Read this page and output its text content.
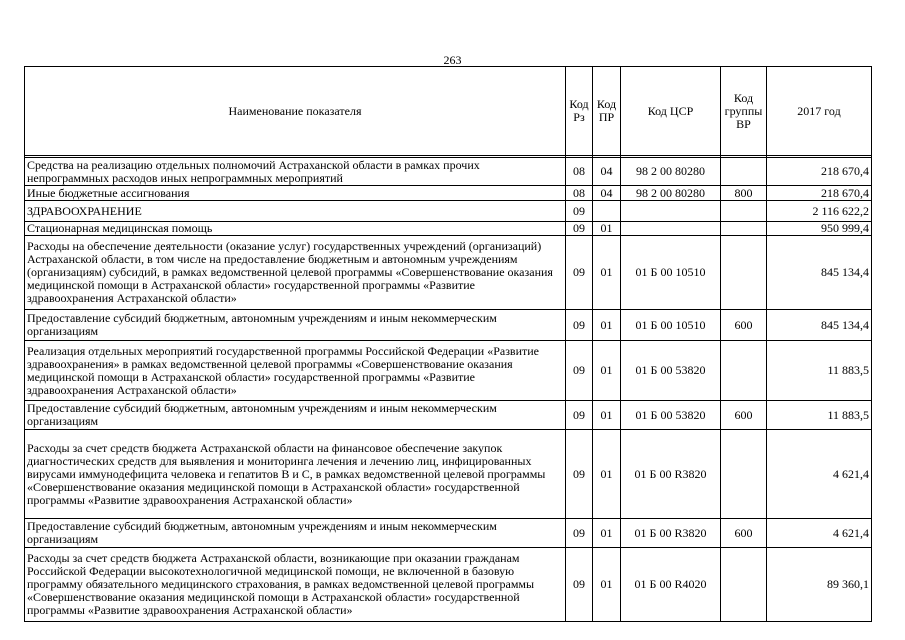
263
Наименование показателя	Код Рз	Код ПР	Код ЦСР	Код группы ВР	2017 год

Средства на реализацию отдельных полномочий Астраханской области в рамках прочих непрограммных расходов иных непрограммных мероприятий	08	04	98 2 00 80280		218 670,4
Иные бюджетные ассигнования	08	04	98 2 00 80280	800	218 670,4
ЗДРАВООХРАНЕНИЕ	09				2 116 622,2
Стационарная медицинская помощь	09	01			950 999,4
Расходы на обеспечение деятельности (оказание услуг) государственных учреждений (организаций) Астраханской области, в том числе на предоставление бюджетным и автономным учреждениям (организациям) субсидий, в рамках ведомственной целевой программы «Совершенствование оказания медицинской помощи в Астраханской области» государственной программы «Развитие здравоохранения Астраханской области»	09	01	01 Б 00 10510		845 134,4
Предоставление субсидий бюджетным, автономным учреждениям и иным некоммерческим организациям	09	01	01 Б 00 10510	600	845 134,4
Реализация отдельных мероприятий государственной программы Российской Федерации «Развитие здравоохранения» в рамках ведомственной целевой программы «Совершенствование оказания медицинской помощи в Астраханской области» государственной программы «Развитие здравоохранения Астраханской области»	09	01	01 Б 00 53820		11 883,5
Предоставление субсидий бюджетным, автономным учреждениям и иным некоммерческим организациям	09	01	01 Б 00 53820	600	11 883,5
Расходы за счет средств бюджета Астраханской области на финансовое обеспечение закупок диагностических средств для выявления и мониторинга лечения и лечению лиц, инфицированных вирусами иммунодефицита человека и гепатитов В и С, в рамках ведомственной целевой программы «Совершенствование оказания медицинской помощи в Астраханской области» государственной программы «Развитие здравоохранения Астраханской области»	09	01	01 Б 00 R3820		4 621,4
Предоставление субсидий бюджетным, автономным учреждениям и иным некоммерческим организациям	09	01	01 Б 00 R3820	600	4 621,4
Расходы за счет средств бюджета Астраханской области, возникающие при оказании гражданам Российской Федерации высокотехнологичной медицинской помощи, не включенной в базовую программу обязательного медицинского страхования, в рамках ведомственной целевой программы «Совершенствование оказания медицинской помощи в Астраханской области» государственной программы «Развитие здравоохранения Астраханской области»	09	01	01 Б 00 R4020		89 360,1
